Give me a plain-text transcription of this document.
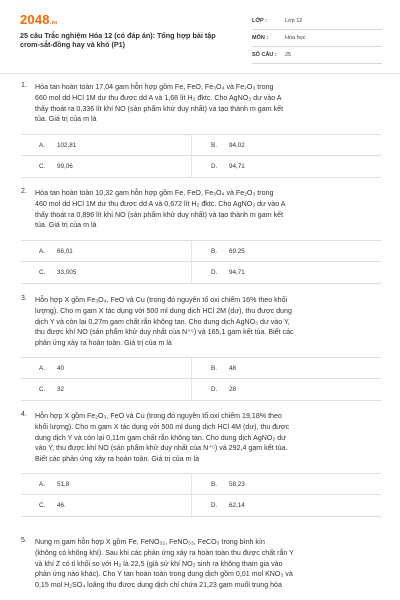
2048.vn
25 câu Trắc nghiệm Hóa 12 (có đáp án): Tổng hợp bài tập crom-sắt-đồng hay và khó (P1)
LỚP :	Lớp 12
MÔN :	Hóa học
SỐ CÂU :	25
1. Hòa tan hoàn toàn 17,04 gam hỗn hợp gồm Fe, FeO, Fe₃O₄ và Fe₂O₃ trong
660 mol dd HCl 1M dư thu được dd A và 1,68 lít H₂ đktc. Cho AgNO₃ dư vào A
thấy thoát ra 0,336 lít khí NO (sản phẩm khử duy nhất) và tạo thành m gam kết
tủa. Giá trị của m là
A.	102,81	B.	94,02
C.	99,06	D.	94,71
2. Hòa tan hoàn toàn 10,32 gam hỗn hợp gồm Fe, FeO, Fe₃O₄ và Fe₂O₃ trong
460 mol dd HCl 1M dư thu được dd A và 0,672 lít H₂ đktc. Cho AgNO₃ dư vào A
thấy thoát ra 0,896 lít khí NO (sản phẩm khử duy nhất) và tạo thành m gam kết
tủa. Giá trị của m là
A.	66,01	B.	69,25
C.	33,005	D.	94,71
3. Hỗn hợp X gồm Fe₃O₄, FeO và Cu (trong đó nguyên tố oxi chiếm 16% theo khối
lượng). Cho m gam X tác dụng với 500 ml dung dịch HCl 2M (dư), thu được dung
dịch Y và còn lại 0,27m gam chất rắn không tan. Cho dung dịch AgNO₃ dư vào Y,
thu được khí NO (sản phẩm khử duy nhất của N⁺⁵) và 165,1 gam kết tủa. Biết các
phản ứng xảy ra hoàn toàn. Giá trị của m là
A.	40	B.	48
C.	32	D.	28
4. Hỗn hợp X gồm Fe₂O₃, FeO và Cu (trong đó nguyên tố oxi chiếm 19,18% theo
khối lượng). Cho m gam X tác dụng với 500 ml dung dịch HCl 4M (dư), thu được
dung dịch Y và còn lại 0,11m gam chất rắn không tan. Cho dung dịch AgNO₃ dư
vào Y, thu được khí NO (sản phẩm khử duy nhất của N⁺⁵) và 292,4 gam kết tủa.
Biết các phản ứng xảy ra hoàn toàn. Giá trị của m là
A.	51,8	B.	58,23
C.	46.	D.	62,14
5. Nung m gam hỗn hợp X gồm Fe, FeNO₃₂, FeNO₃₃, FeCO₃ trong bình kín
(không có không khí). Sau khi các phản ứng xảy ra hoàn toàn thu được chất rắn Y
và khí Z có tỉ khối so với H₂ là 22,5 (giả sử khí NO₂ sinh ra không tham gia vào
phản ứng nào khác). Cho Y tan hoàn toàn trong dung dịch gồm 0,01 mol KNO₃ và
0,15 mol H₂SO₄ loãng thu được dung dịch chỉ chứa 21,23 gam muối trung hòa
